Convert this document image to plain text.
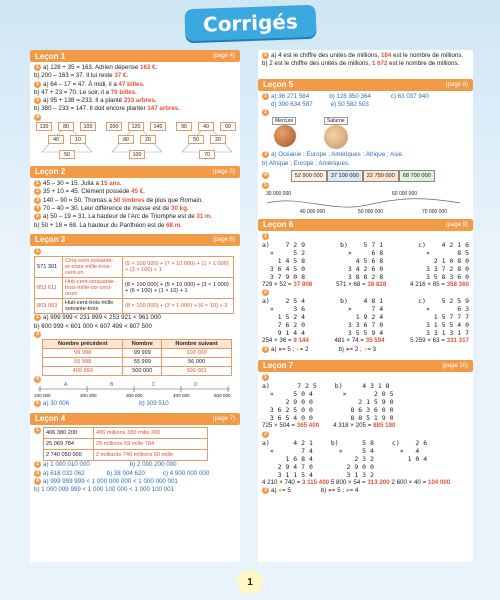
Corrigés
Leçon 1	(page 4)
1 a) 128 + 35 = 163. Adrien dépense 163 €.
b) 200 – 163 = 37. Il lui reste 37 €.
2 a) 64 – 17 = 47. À midi, il a 47 billes.
b) 47 + 23 = 70. Le soir, il a 70 billes.
3 a) 95 + 138 = 233. Il a planté 233 arbres.
b) 380 – 233 = 147. Il doit encore planter 147 arbres.
4
130	80	100
40	10
50
200	120	140
80	20
100
90	40	60
50	20
70
Leçon 2	(page 5)
1 45 – 30 = 15. Julia a 15 ans.
2 35 + 10 = 45. Clément possède 45 €.
3 140 – 90 = 50. Thomas a 50 timbres de plus que Romain.
4 70 – 40 = 30. Leur différence de masse est de 30 kg.
5 a) 50 – 19 = 31. La hauteur de l'Arc de Triomphe est de 31 m.
b) 50 + 18 = 68. La hauteur du Panthéon est de 68 m.
Leçon 3	(page 6)
1
571 301	Cinq-cent-soixante-et-onze-mille-trois-cent-un	(5 × 100 000) + (7 × 10 000) + (1 × 1 000) + (3 × 100) + 1
853 611	Huit-cent-cinquante-trois-mille-six-cent-onze	(8 × 100 000) + (5 × 10 000) + (3 × 1 000) + (6 × 100) + (1 × 10) + 1
803 063	Huit-cent-trois-mille soixante-trois	(8 × 100 000) + (3 × 1 000) + (6 × 10) + 3
2 a) 999 999 < 231 999 < 253 921 < 961 000
b) 600 999 < 601 000 < 607 499 < 607 500
3
Nombre précédent	Nombre	Nombre suivant
99 998	99 999	100 000
55 998	55 999	56 000
499 999	500 000	500 001
4
A	B	C	D
100 000	200 000	300 000	400 000	500 000
5 a) 30 006	b) 309 510
Leçon 4	(page 7)
1	406 380 200	406 millions 380 mille 200
25 069 784	25 millions 69 mille 784
2 740 050 000	2 milliards 740 millions 50 mille
2 a) 1 000 010 000	b) 2 000 200 000
3 a) 618 032 062	b) 38 004 620	c) 4 900 000 000
4 a) 999 999 999 < 1 000 000 000 < 1 000 000 001
b) 1 000 099 999 < 1 000 100 000 < 1 000 100 001
5 a) 4 est le chiffre des unités de millions, 184 est le nombre de millions.
b) 2 est le chiffre des unités de millions, 1 672 est le nombre de millions.
Leçon 5	(page 8)
1 a) 36 271 584	b) 128 950 364	c) 63 037 940
d) 300 634 587	e) 50 582 503
2
Mercure	Saturne
3 a) Océanie ; Europe ; Amériques ; Afrique ; Asie.
b) Afrique ; Europe ; Amériques.
4	52 900 000 37 100 000 22 750 000 68 700 000
5
30 000 000	60 000 000
40 000 000	50 000 000	70 000 000
Leçon 6	(page 9)
1
a)    7 2 9
×     5 2
1 4 5 8
3 6 4 5 0
3 7 9 0 8
b)    5 7 1
×     6 8
4 5 6 8
3 4 2 6 0
3 8 8 2 8
c)    4 2 1 6
×       8 5
2 1 0 8 0
3 3 7 2 8 0
3 5 8 3 6 0
729 × 52 = 37 908	571 × 68 = 38 828	4 216 × 85 = 358 360
2
a)    2 5 4
×     3 6
1 5 2 4
7 6 2 0
9 1 4 4
b)    4 8 1
×     7 4
1 9 2 4
3 3 6 7 0
3 5 5 9 4
c)    5 2 5 9
×       6 3
1 5 7 7 7
3 1 5 5 4 0
3 3 1 3 1 7
254 × 36 = 9 144	481 × 74 = 35 594	5 259 × 63 = 331 317
3 a) ●= 5 ; ◗= 2	b) ●= 2 ; ◗= 3
Leçon 7	(page 10)
1
a)       7 2 5
×     5 0 4
2 9 0 0
3 6 2 5 0 0
3 6 5 4 0 0
b)     4 3 1 8
×       2 0 5
2 1 5 9 0
8 6 3 6 0 0
8 8 5 1 9 0
725 × 504 = 365 400 4 318 × 205 = 885 190
2
a)      4 2 1
×       7 4
1 6 8 4
2 9 4 7 0
3 1 1 5 4
b)      5 8
×     5 4
2 3 2
2 9 0 0
3 1 3 2
c)    2 6
×   4
1 0 4
4 210 × 740 = 3 115 400 5 800 × 54 = 313 200 2 600 × 40 = 104 000
3 a) ●= 5	b) ●= 5 ; ●= 4
1
